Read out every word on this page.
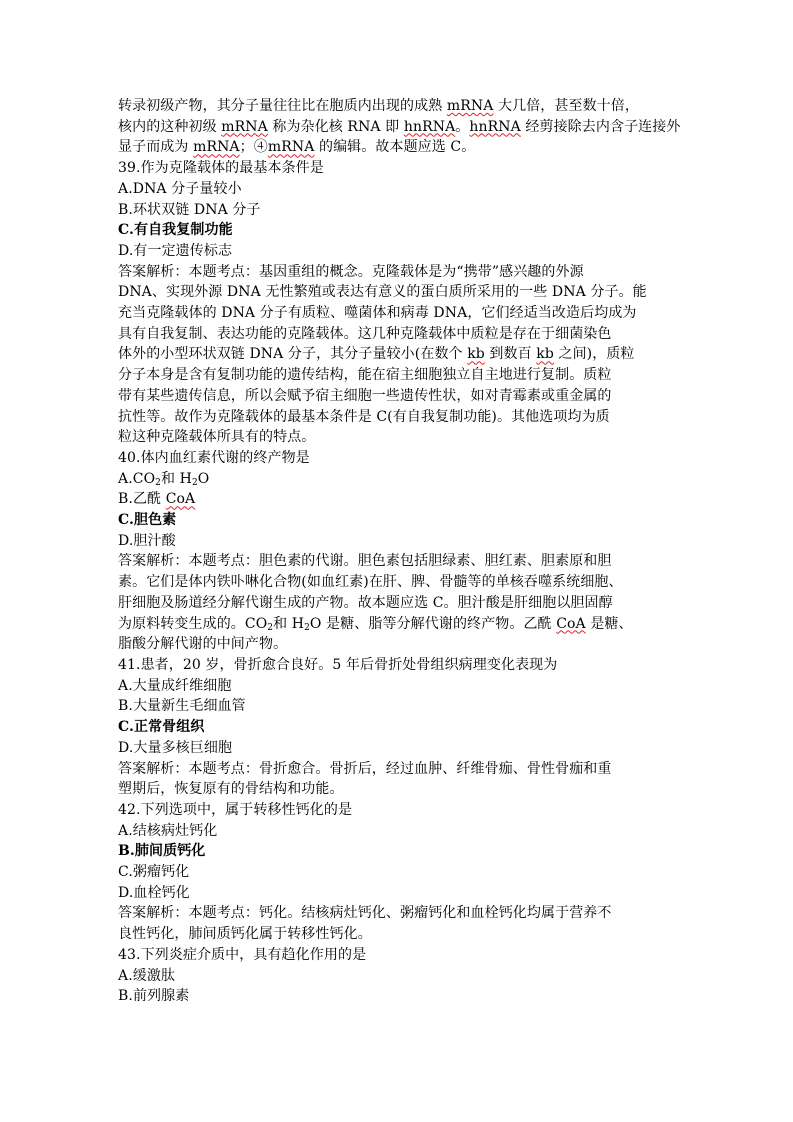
转录初级产物，其分子量往往比在胞质内出现的成熟 mRNA 大几倍，甚至数十倍，
核内的这种初级 mRNA 称为杂化核 RNA 即 hnRNA。hnRNA 经剪接除去内含子连接外
显子而成为 mRNA；④mRNA 的编辑。故本题应选 C。
39.作为克隆载体的最基本条件是
A.DNA 分子量较小
B.环状双链 DNA 分子
C.有自我复制功能
D.有一定遗传标志
答案解析：本题考点：基因重组的概念。克隆载体是为“携带”感兴趣的外源
DNA、实现外源 DNA 无性繁殖或表达有意义的蛋白质所采用的一些 DNA 分子。能
充当克隆载体的 DNA 分子有质粒、噬菌体和病毒 DNA，它们经适当改造后均成为
具有自我复制、表达功能的克隆载体。这几种克隆载体中质粒是存在于细菌染色
体外的小型环状双链 DNA 分子，其分子量较小(在数个 kb 到数百 kb 之间)，质粒
分子本身是含有复制功能的遗传结构，能在宿主细胞独立自主地进行复制。质粒
带有某些遗传信息，所以会赋予宿主细胞一些遗传性状，如对青霉素或重金属的
抗性等。故作为克隆载体的最基本条件是 C(有自我复制功能)。其他选项均为质
粒这种克隆载体所具有的特点。
40.体内血红素代谢的终产物是
$A.CO_2$和 $H_2O$
B.乙酰 CoA
C.胆色素
D.胆汁酸
答案解析：本题考点：胆色素的代谢。胆色素包括胆绿素、胆红素、胆素原和胆
素。它们是体内铁卟啉化合物(如血红素)在肝、脾、骨髓等的单核吞噬系统细胞、
肝细胞及肠道经分解代谢生成的产物。故本题应选 C。胆汁酸是肝细胞以胆固醇
为原料转变生成的。$CO_2$和 $H_2O$ 是糖、脂等分解代谢的终产物。乙酰 CoA 是糖、
脂酸分解代谢的中间产物。
41.患者，20 岁，骨折愈合良好。5 年后骨折处骨组织病理变化表现为
A.大量成纤维细胞
B.大量新生毛细血管
C.正常骨组织
D.大量多核巨细胞
答案解析：本题考点：骨折愈合。骨折后，经过血肿、纤维骨痂、骨性骨痂和重
塑期后，恢复原有的骨结构和功能。
42.下列选项中，属于转移性钙化的是
A.结核病灶钙化
B.肺间质钙化
C.粥瘤钙化
D.血栓钙化
答案解析：本题考点：钙化。结核病灶钙化、粥瘤钙化和血栓钙化均属于营养不
良性钙化，肺间质钙化属于转移性钙化。
43.下列炎症介质中，具有趋化作用的是
A.缓激肽
B.前列腺素
